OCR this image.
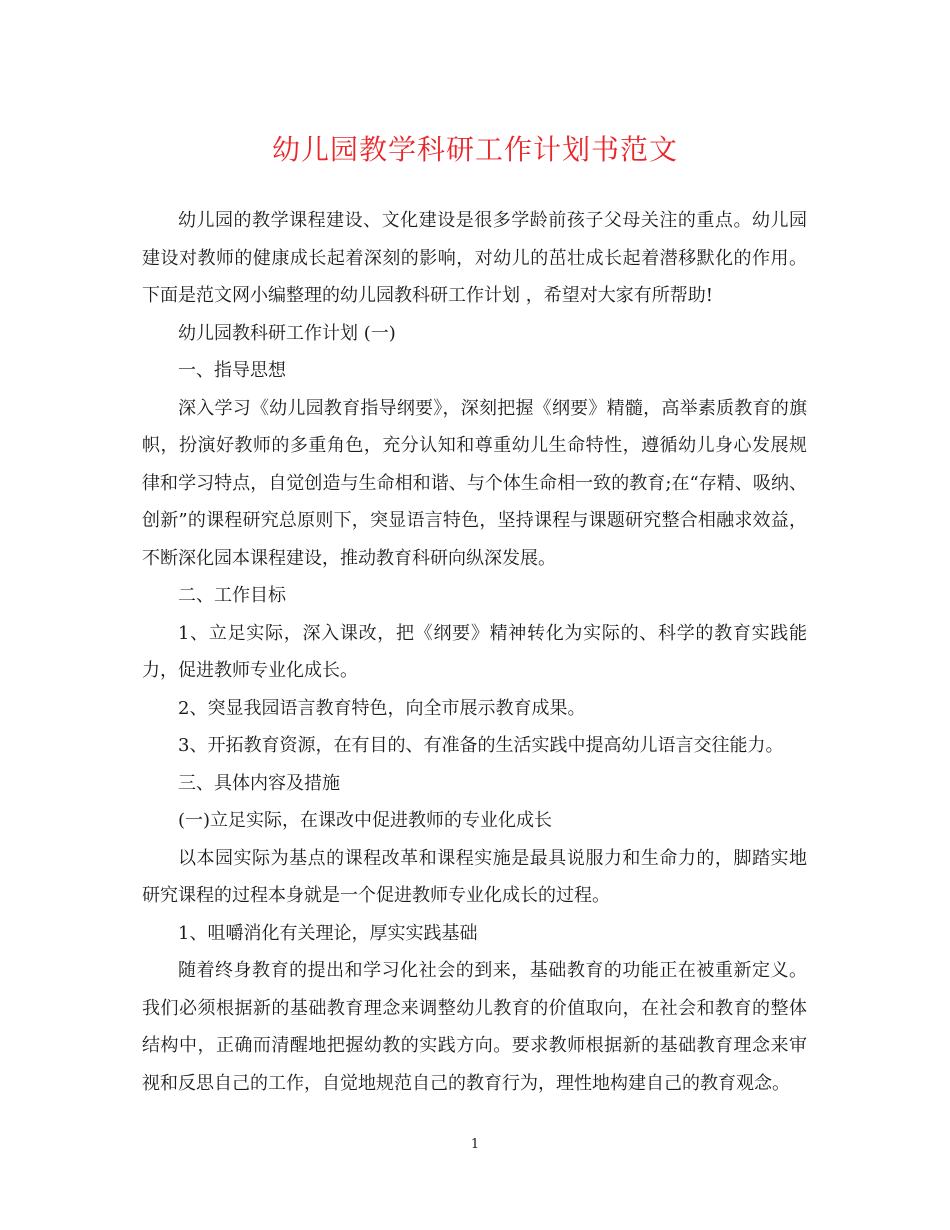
幼儿园教学科研工作计划书范文

幼儿园的教学课程建设、文化建设是很多学龄前孩子父母关注的重点。幼儿园建设对教师的健康成长起着深刻的影响，对幼儿的茁壮成长起着潜移默化的作用。下面是范文网小编整理的幼儿园教科研工作计划 ，希望对大家有所帮助!

幼儿园教科研工作计划 (一)

一、指导思想

深入学习《幼儿园教育指导纲要》，深刻把握《纲要》精髓，高举素质教育的旗帜，扮演好教师的多重角色，充分认知和尊重幼儿生命特性，遵循幼儿身心发展规律和学习特点，自觉创造与生命相和谐、与个体生命相一致的教育;在“存精、吸纳、创新”的课程研究总原则下，突显语言特色，坚持课程与课题研究整合相融求效益，不断深化园本课程建设，推动教育科研向纵深发展。

二、工作目标

1、立足实际，深入课改，把《纲要》精神转化为实际的、科学的教育实践能力，促进教师专业化成长。

2、突显我园语言教育特色，向全市展示教育成果。

3、开拓教育资源，在有目的、有准备的生活实践中提高幼儿语言交往能力。

三、具体内容及措施

(一)立足实际，在课改中促进教师的专业化成长

以本园实际为基点的课程改革和课程实施是最具说服力和生命力的，脚踏实地研究课程的过程本身就是一个促进教师专业化成长的过程。

1、咀嚼消化有关理论，厚实实践基础

随着终身教育的提出和学习化社会的到来，基础教育的功能正在被重新定义。我们必须根据新的基础教育理念来调整幼儿教育的价值取向，在社会和教育的整体结构中，正确而清醒地把握幼教的实践方向。要求教师根据新的基础教育理念来审视和反思自己的工作，自觉地规范自己的教育行为，理性地构建自己的教育观念。

1
